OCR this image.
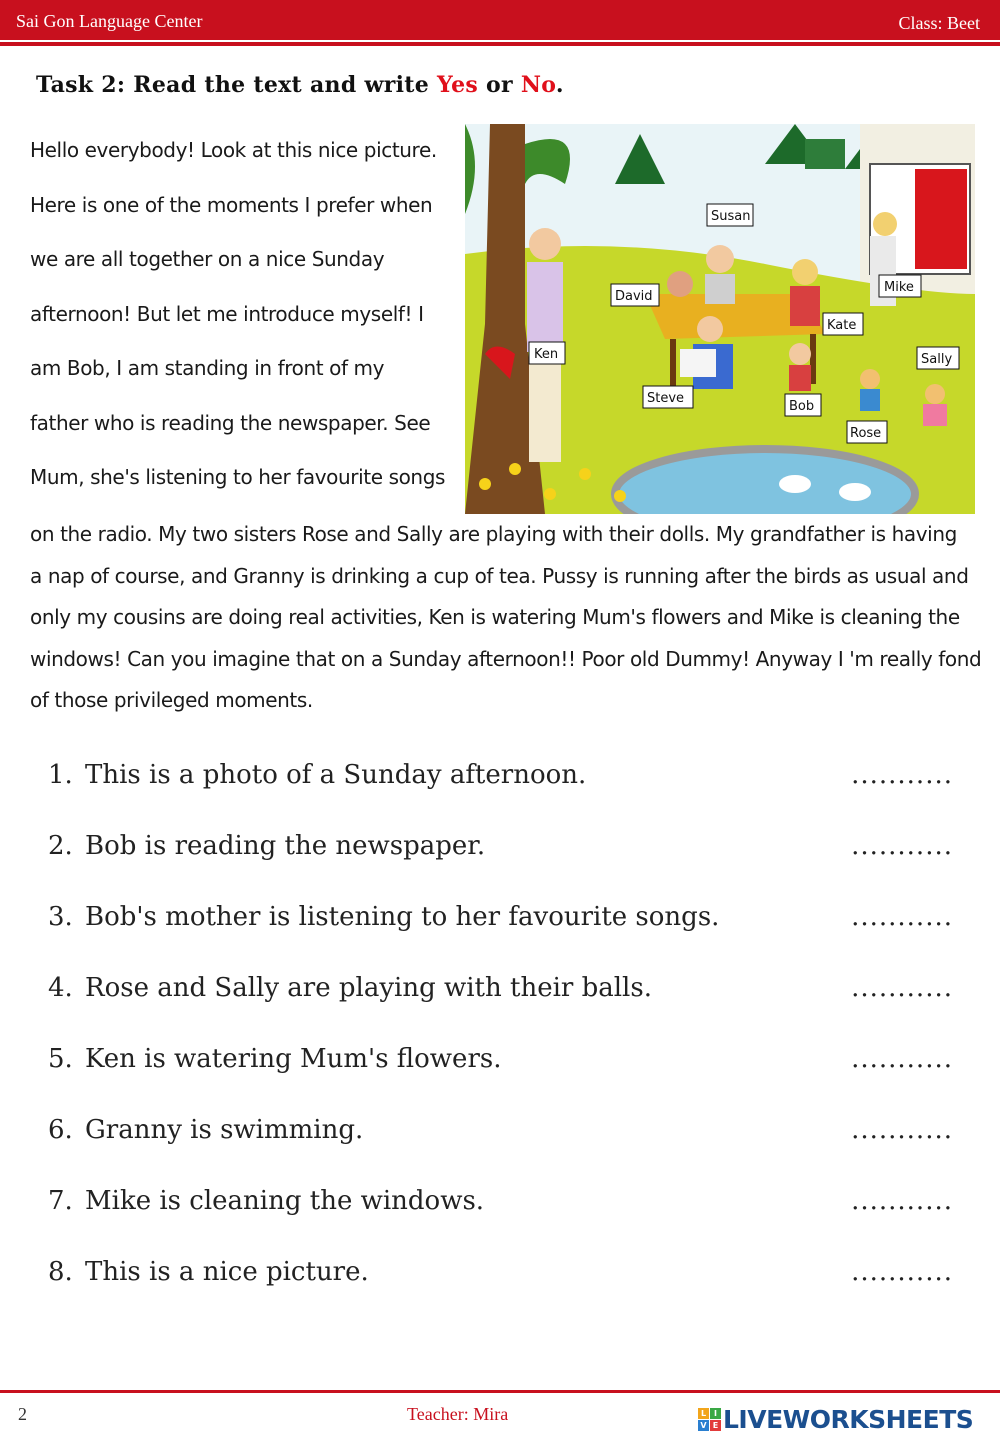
Sai Gon Language Center	Class: Beet
Task 2: Read the text and write Yes or No.
Hello everybody! Look at this nice picture.
Here is one of the moments I prefer when
we are all together on a nice Sunday
afternoon! But let me introduce myself! I
am Bob, I am standing in front of my
father who is reading the newspaper. See
Mum, she's listening to her favourite songs
on the radio. My two sisters Rose and Sally are playing with their dolls. My grandfather is having
a nap of course, and Granny is drinking a cup of tea. Pussy is running after the birds as usual and
only my cousins are doing real activities, Ken is watering Mum's flowers and Mike is cleaning the
windows! Can you imagine that on a Sunday afternoon!! Poor old Dummy! Anyway I 'm really fond
of those privileged moments.
Susan
David
Mike
Kate
Ken	Sally
Steve
Bob
Rose
1. This is a photo of a Sunday afternoon.	...........
2. Bob is reading the newspaper.	...........
3. Bob's mother is listening to her favourite songs.	...........
4. Rose and Sally are playing with their balls.	...........
5. Ken is watering Mum's flowers.	...........
6. Granny is swimming.	...........
7. Mike is cleaning the windows.	...........
8. This is a nice picture.	...........
2	Teacher: Mira	L I
V E LIVEWORKSHEETS
